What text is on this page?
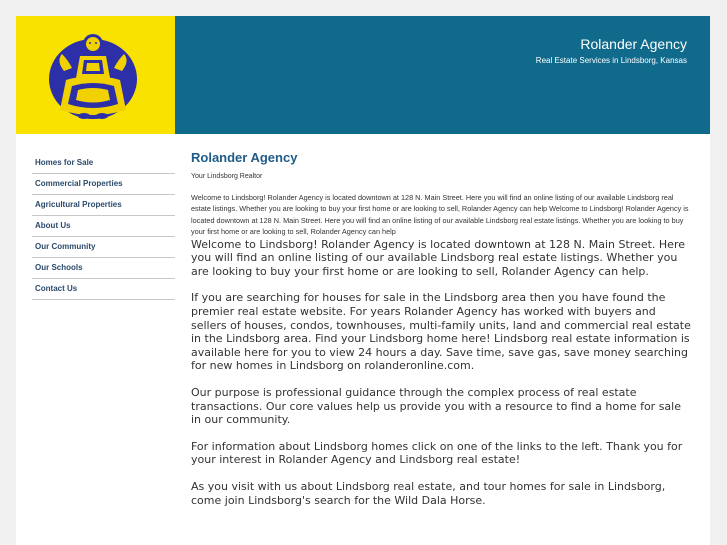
Rolander Agency
Real Estate Services in Lindsborg, Kansas
Homes for Sale
Commercial Properties
Agricultural Properties
About Us
Our Community
Our Schools
Contact Us
Rolander Agency
Your Lindsborg Realtor
Welcome to Lindsborg! Rolander Agency is located downtown at 128 N. Main Street. Here you will find an online listing of our available Lindsborg real estate listings. Whether you are looking to buy your first home or are looking to sell, Rolander Agency can help Welcome to Lindsborg! Rolander Agency is located downtown at 128 N. Main Street. Here you will find an online listing of our available Lindsborg real estate listings. Whether you are looking to buy your first home or are looking to sell, Rolander Agency can help

Welcome to Lindsborg! Rolander Agency is located downtown at 128 N. Main Street. Here you will find an online listing of our available Lindsborg real estate listings. Whether you are looking to buy your first home or are looking to sell, Rolander Agency can help.

If you are searching for houses for sale in the Lindsborg area then you have found the premier real estate website. For years Rolander Agency has worked with buyers and sellers of houses, condos, townhouses, multi-family units, land and commercial real estate in the Lindsborg area. Find your Lindsborg home here! Lindsborg real estate information is available here for you to view 24 hours a day. Save time, save gas, save money searching for new homes in Lindsborg on rolanderonline.com.

Our purpose is professional guidance through the complex process of real estate transactions. Our core values help us provide you with a resource to find a home for sale in our community.

For information about Lindsborg homes click on one of the links to the left. Thank you for your interest in Rolander Agency and Lindsborg real estate!

As you visit with us about Lindsborg real estate, and tour homes for sale in Lindsborg, come join Lindsborg's search for the Wild Dala Horse.
